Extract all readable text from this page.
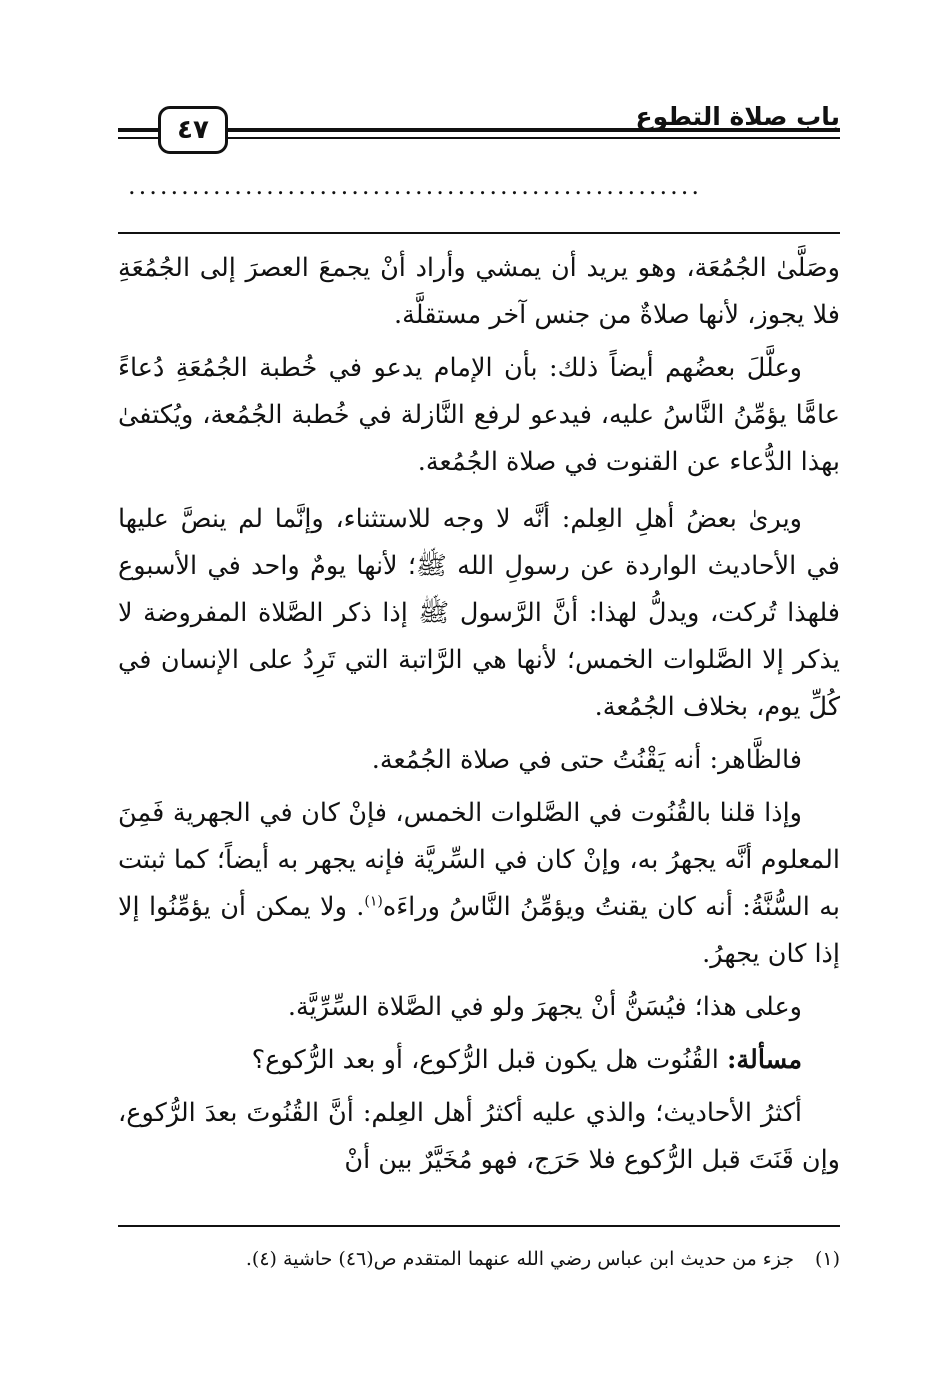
باب صلاة التطوع
٤٧
......................................................

وصَلَّىٰ الجُمُعَة، وهو يريد أن يمشي وأراد أنْ يجمعَ العصرَ إلى الجُمُعَةِ فلا يجوز، لأنها صلاةٌ من جنس آخر مستقلَّة.

وعلَّلَ بعضُهم أيضاً ذلك: بأن الإمام يدعو في خُطبة الجُمُعَةِ دُعاءً عامًّا يؤمِّنُ النَّاسُ عليه، فيدعو لرفع النَّازلة في خُطبة الجُمُعة، ويُكتفىٰ بهذا الدُّعاء عن القنوت في صلاة الجُمُعة.

ويرىٰ بعضُ أهلِ العِلم: أنَّه لا وجه للاستثناء، وإنَّما لم ينصَّ عليها في الأحاديث الواردة عن رسولِ الله ﷺ؛ لأنها يومٌ واحد في الأسبوع فلهذا تُركت، ويدلُّ لهذا: أنَّ الرَّسول ﷺ إذا ذكر الصَّلاة المفروضة لا يذكر إلا الصَّلوات الخمس؛ لأنها هي الرَّاتبة التي تَرِدُ على الإنسان في كُلِّ يوم، بخلاف الجُمُعة.

فالظَّاهر: أنه يَقْنُتُ حتى في صلاة الجُمُعة.

وإذا قلنا بالقُنُوت في الصَّلوات الخمس، فإنْ كان في الجهرية فَمِنَ المعلوم أنَّه يجهرُ به، وإنْ كان في السِّريَّة فإنه يجهر به أيضاً؛ كما ثبتت به السُّنَّةُ: أنه كان يقنتُ ويؤمِّنُ النَّاسُ وراءَه$^{(١)}$. ولا يمكن أن يؤمِّنُوا إلا إذا كان يجهرُ.

وعلى هذا؛ فيُسَنُّ أنْ يجهرَ ولو في الصَّلاة السِّرِّيَّة.

مسألة: القُنُوت هل يكون قبل الرُّكوع، أو بعد الرُّكوع؟

أكثرُ الأحاديث؛ والذي عليه أكثرُ أهل العِلم: أنَّ القُنُوتَ بعدَ الرُّكوع، وإن قَنَتَ قبل الرُّكوع فلا حَرَج، فهو مُخَيَّرٌ بين أنْ

(١) جزء من حديث ابن عباس رضي الله عنهما المتقدم ص(٤٦) حاشية (٤).
